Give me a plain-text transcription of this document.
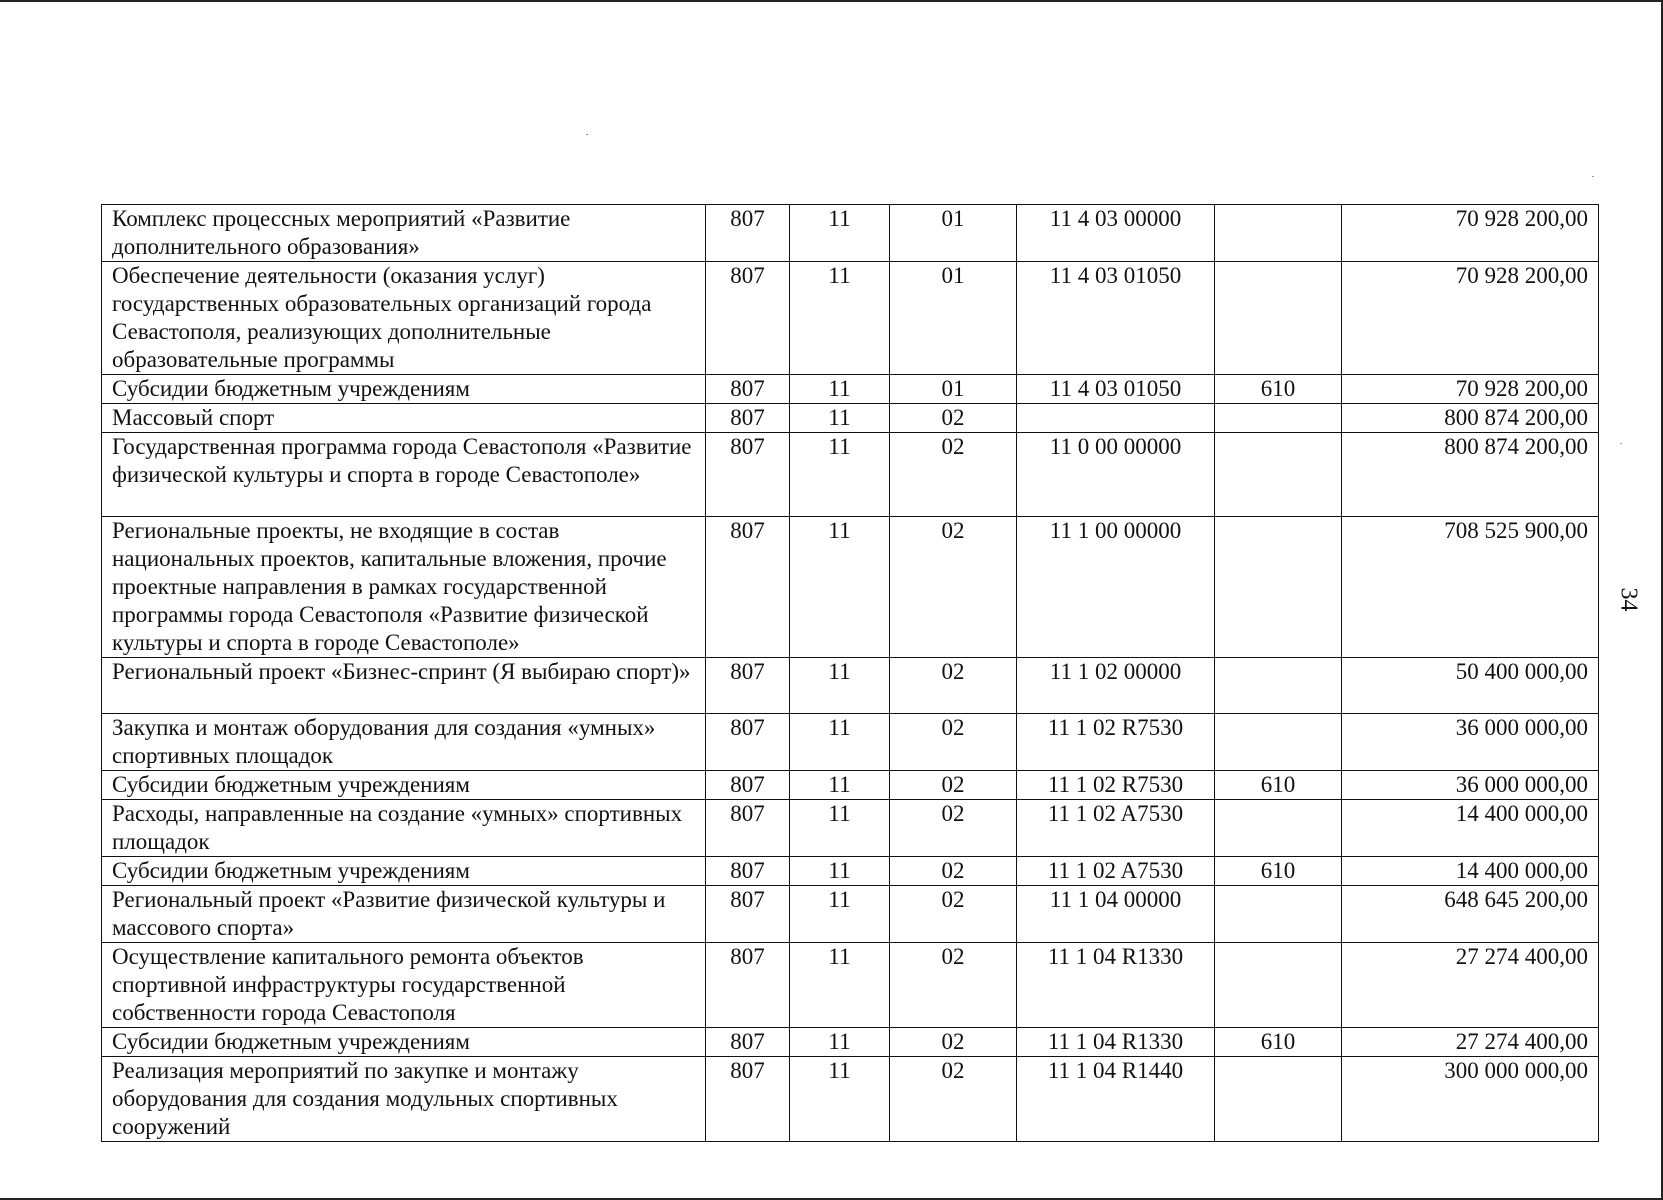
Комплекс процессных мероприятий «Развитие дополнительного образования»	807	11	01	11 4 03 00000		70 928 200,00
Обеспечение деятельности (оказания услуг) государственных образовательных организаций города Севастополя, реализующих дополнительные образовательные программы	807	11	01	11 4 03 01050		70 928 200,00
Субсидии бюджетным учреждениям	807	11	01	11 4 03 01050	610	70 928 200,00
Массовый спорт	807	11	02			800 874 200,00
Государственная программа города Севастополя «Развитие физической культуры и спорта в городе Севастополе»	807	11	02	11 0 00 00000		800 874 200,00
Региональные проекты, не входящие в состав национальных проектов, капитальные вложения, прочие проектные направления в рамках государственной программы города Севастополя «Развитие физической культуры и спорта в городе Севастополе»	807	11	02	11 1 00 00000		708 525 900,00
Региональный проект «Бизнес-спринт (Я выбираю спорт)»	807	11	02	11 1 02 00000		50 400 000,00
Закупка и монтаж оборудования для создания «умных» спортивных площадок	807	11	02	11 1 02 R7530		36 000 000,00
Субсидии бюджетным учреждениям	807	11	02	11 1 02 R7530	610	36 000 000,00
Расходы, направленные на создание «умных» спортивных площадок	807	11	02	11 1 02 A7530		14 400 000,00
Субсидии бюджетным учреждениям	807	11	02	11 1 02 A7530	610	14 400 000,00
Региональный проект «Развитие физической культуры и массового спорта»	807	11	02	11 1 04 00000		648 645 200,00
Осуществление капитального ремонта объектов спортивной инфраструктуры государственной собственности города Севастополя	807	11	02	11 1 04 R1330		27 274 400,00
Субсидии бюджетным учреждениям	807	11	02	11 1 04 R1330	610	27 274 400,00
Реализация мероприятий по закупке и монтажу оборудования для создания модульных спортивных сооружений	807	11	02	11 1 04 R1440		300 000 000,00
34
